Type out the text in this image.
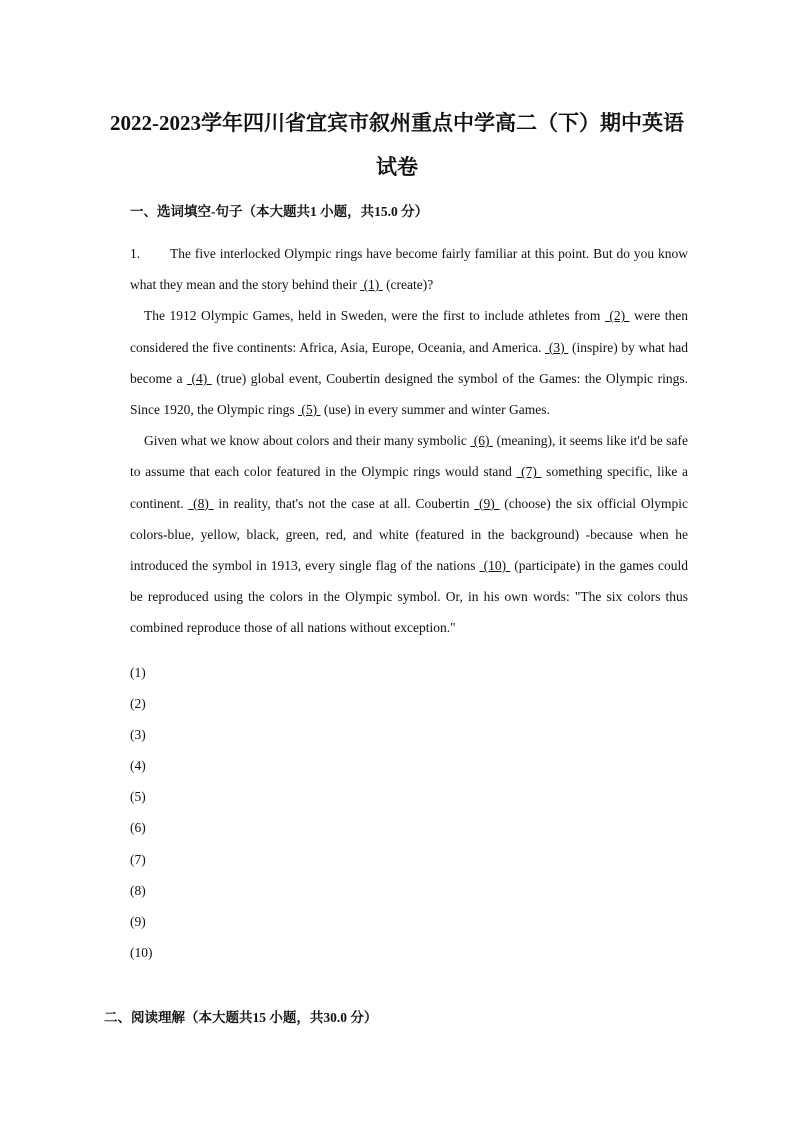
2022-2023学年四川省宜宾市叙州重点中学高二（下）期中英语
试卷
一、选词填空-句子（本大题共1 小题，共15.0 分）

1. The five interlocked Olympic rings have become fairly familiar at this point. But do you know what they mean and the story behind their  (1)  (create)?

The 1912 Olympic Games, held in Sweden, were the first to include athletes from  (2)  were then considered the five continents: Africa, Asia, Europe, Oceania, and America.  (3)  (inspire) by what had become a  (4)  (true) global event, Coubertin designed the symbol of the Games: the Olympic rings. Since 1920, the Olympic rings  (5)  (use) in every summer and winter Games.

Given what we know about colors and their many symbolic  (6)  (meaning), it seems like it'd be safe to assume that each color featured in the Olympic rings would stand  (7)  something specific, like a continent.  (8)  in reality, that's not the case at all. Coubertin  (9)  (choose) the six official Olympic colors-blue, yellow, black, green, red, and white (featured in the background) -because when he introduced the symbol in 1913, every single flag of the nations  (10)  (participate) in the games could be reproduced using the colors in the Olympic symbol. Or, in his own words: "The six colors thus combined reproduce those of all nations without exception."

(1)
(2)
(3)
(4)
(5)
(6)
(7)
(8)
(9)
(10)
二、阅读理解（本大题共15 小题，共30.0 分）
